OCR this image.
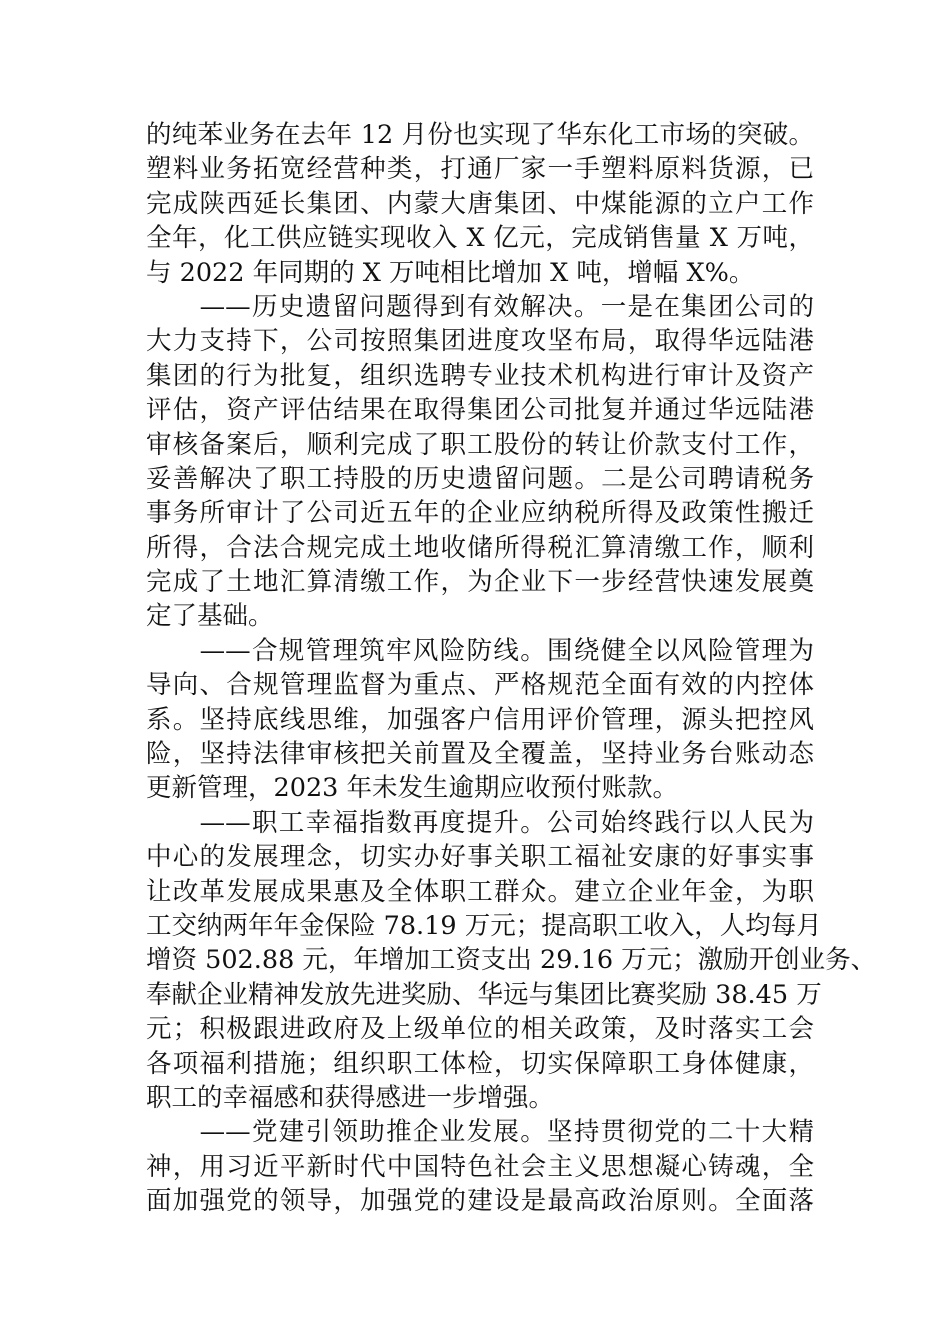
的纯苯业务在去年 12 月份也实现了华东化工市场的突破。
塑料业务拓宽经营种类，打通厂家一手塑料原料货源，已
完成陕西延长集团、内蒙大唐集团、中煤能源的立户工作
全年，化工供应链实现收入 X 亿元，完成销售量 X 万吨，
与 2022 年同期的 X 万吨相比增加 X 吨，增幅 X%。
　　——历史遗留问题得到有效解决。一是在集团公司的
大力支持下，公司按照集团进度攻坚布局，取得华远陆港
集团的行为批复，组织选聘专业技术机构进行审计及资产
评估，资产评估结果在取得集团公司批复并通过华远陆港
审核备案后，顺利完成了职工股份的转让价款支付工作，
妥善解决了职工持股的历史遗留问题。二是公司聘请税务
事务所审计了公司近五年的企业应纳税所得及政策性搬迁
所得，合法合规完成土地收储所得税汇算清缴工作，顺利
完成了土地汇算清缴工作，为企业下一步经营快速发展奠
定了基础。
　　——合规管理筑牢风险防线。围绕健全以风险管理为
导向、合规管理监督为重点、严格规范全面有效的内控体
系。坚持底线思维，加强客户信用评价管理，源头把控风
险，坚持法律审核把关前置及全覆盖，坚持业务台账动态
更新管理，2023 年未发生逾期应收预付账款。
　　——职工幸福指数再度提升。公司始终践行以人民为
中心的发展理念，切实办好事关职工福祉安康的好事实事
让改革发展成果惠及全体职工群众。建立企业年金，为职
工交纳两年年金保险 78.19 万元；提高职工收入，人均每月
增资 502.88 元，年增加工资支出 29.16 万元；激励开创业务、
奉献企业精神发放先进奖励、华远与集团比赛奖励 38.45 万
元；积极跟进政府及上级单位的相关政策，及时落实工会
各项福利措施；组织职工体检，切实保障职工身体健康，
职工的幸福感和获得感进一步增强。
　　——党建引领助推企业发展。坚持贯彻党的二十大精
神，用习近平新时代中国特色社会主义思想凝心铸魂，全
面加强党的领导，加强党的建设是最高政治原则。全面落
